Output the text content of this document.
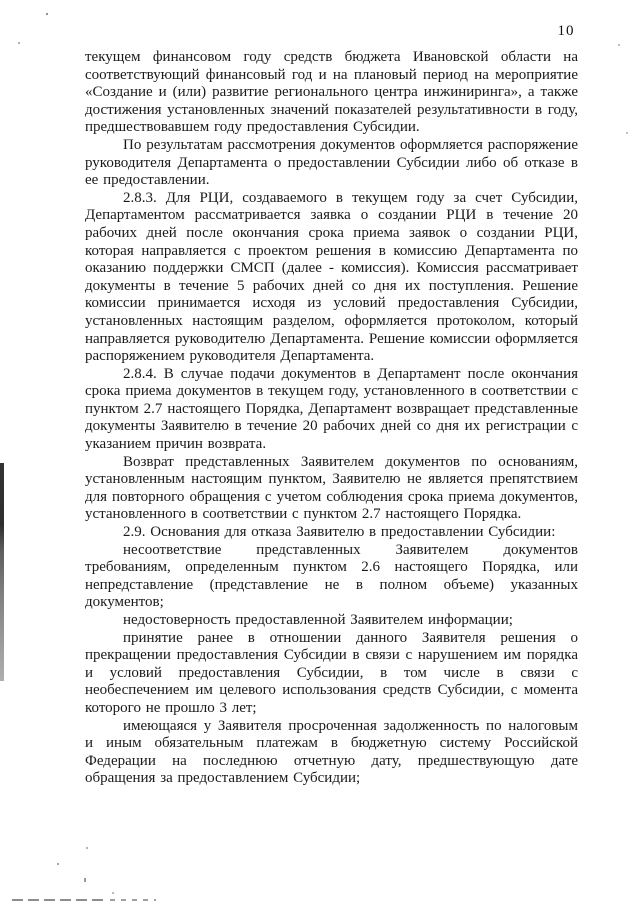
10

текущем финансовом году средств бюджета Ивановской области на соответствующий финансовый год и на плановый период на мероприятие «Создание и (или) развитие регионального центра инжиниринга», а также достижения установленных значений показателей результативности в году, предшествовавшем году предоставления Субсидии.

По результатам рассмотрения документов оформляется распоряжение руководителя Департамента о предоставлении Субсидии либо об отказе в ее предоставлении.

2.8.3. Для РЦИ, создаваемого в текущем году за счет Субсидии, Департаментом рассматривается заявка о создании РЦИ в течение 20 рабочих дней после окончания срока приема заявок о создании РЦИ, которая направляется с проектом решения в комиссию Департамента по оказанию поддержки СМСП (далее - комиссия). Комиссия рассматривает документы в течение 5 рабочих дней со дня их поступления. Решение комиссии принимается исходя из условий предоставления Субсидии, установленных настоящим разделом, оформляется протоколом, который направляется руководителю Департамента. Решение комиссии оформляется распоряжением руководителя Департамента.

2.8.4. В случае подачи документов в Департамент после окончания срока приема документов в текущем году, установленного в соответствии с пунктом 2.7 настоящего Порядка, Департамент возвращает представленные документы Заявителю в течение 20 рабочих дней со дня их регистрации с указанием причин возврата.

Возврат представленных Заявителем документов по основаниям, установленным настоящим пунктом, Заявителю не является препятствием для повторного обращения с учетом соблюдения срока приема документов, установленного в соответствии с пунктом 2.7 настоящего Порядка.

2.9. Основания для отказа Заявителю в предоставлении Субсидии:

несоответствие представленных Заявителем документов требованиям, определенным пунктом 2.6 настоящего Порядка, или непредставление (представление не в полном объеме) указанных документов;

недостоверность предоставленной Заявителем информации;

принятие ранее в отношении данного Заявителя решения о прекращении предоставления Субсидии в связи с нарушением им порядка и условий предоставления Субсидии, в том числе в связи с необеспечением им целевого использования средств Субсидии, с момента которого не прошло 3 лет;

имеющаяся у Заявителя просроченная задолженность по налоговым и иным обязательным платежам в бюджетную систему Российской Федерации на последнюю отчетную дату, предшествующую дате обращения за предоставлением Субсидии;
